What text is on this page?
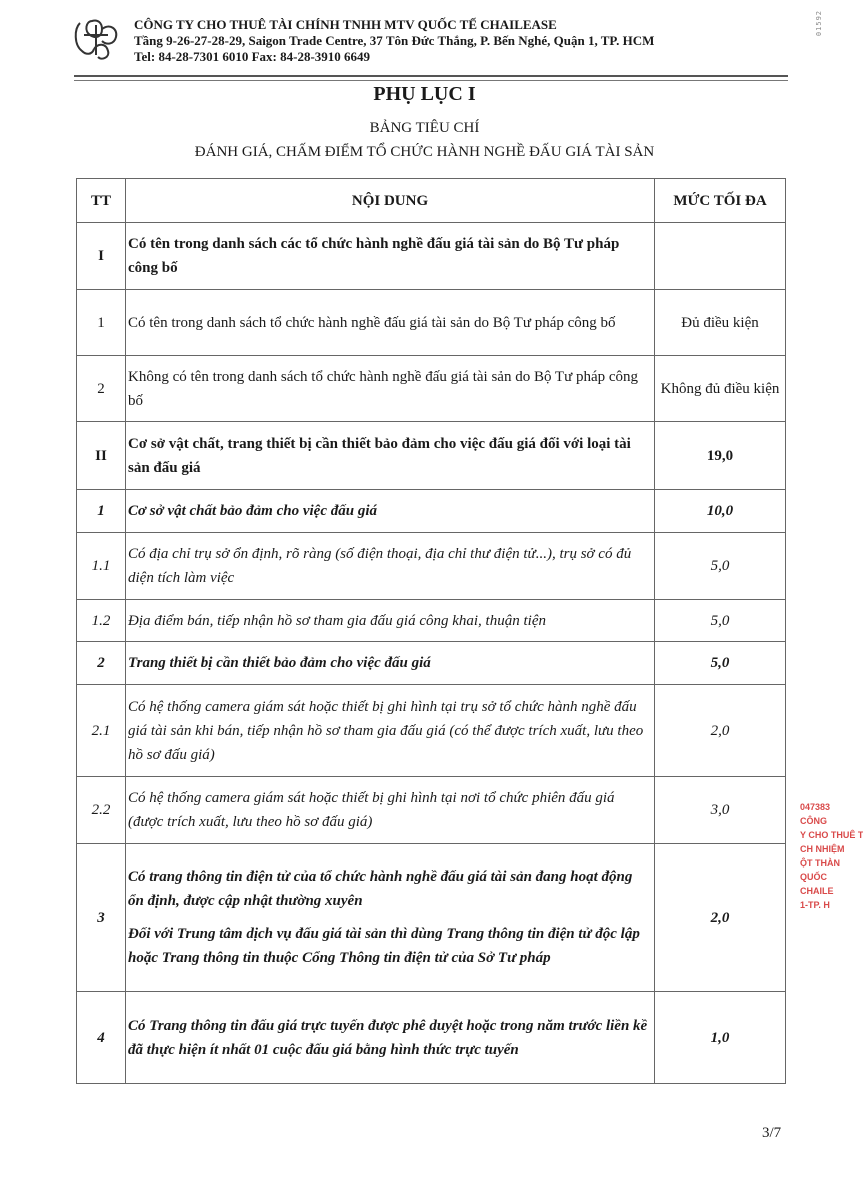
CÔNG TY CHO THUÊ TÀI CHÍNH TNHH MTV QUỐC TẾ CHAILEASE
Tầng 9-26-27-28-29, Saigon Trade Centre, 37 Tôn Đức Thắng, P. Bến Nghé, Quận 1, TP. HCM
Tel: 84-28-7301 6010 Fax: 84-28-3910 6649
01592
PHỤ LỤC I
BẢNG TIÊU CHÍ
ĐÁNH GIÁ, CHẤM ĐIỂM TỔ CHỨC HÀNH NGHỀ ĐẤU GIÁ TÀI SẢN
TT	NỘI DUNG	MỨC TỐI ĐA
I	Có tên trong danh sách các tổ chức hành nghề đấu giá tài sản do Bộ Tư pháp công bố	
1	Có tên trong danh sách tổ chức hành nghề đấu giá tài sản do Bộ Tư pháp công bố	Đủ điều kiện
2	Không có tên trong danh sách tổ chức hành nghề đấu giá tài sản do Bộ Tư pháp công bố	Không đủ điều kiện
II	Cơ sở vật chất, trang thiết bị cần thiết bảo đảm cho việc đấu giá đối với loại tài sản đấu giá	19,0
1	Cơ sở vật chất bảo đảm cho việc đấu giá	10,0
1.1	Có địa chỉ trụ sở ổn định, rõ ràng (số điện thoại, địa chỉ thư điện tử...), trụ sở có đủ diện tích làm việc	5,0
1.2	Địa điểm bán, tiếp nhận hồ sơ tham gia đấu giá công khai, thuận tiện	5,0
2	Trang thiết bị cần thiết bảo đảm cho việc đấu giá	5,0
2.1	Có hệ thống camera giám sát hoặc thiết bị ghi hình tại trụ sở tổ chức hành nghề đấu giá tài sản khi bán, tiếp nhận hồ sơ tham gia đấu giá (có thể được trích xuất, lưu theo hồ sơ đấu giá)	2,0
2.2	Có hệ thống camera giám sát hoặc thiết bị ghi hình tại nơi tổ chức phiên đấu giá (được trích xuất, lưu theo hồ sơ đấu giá)	3,0
3	Có trang thông tin điện tử của tổ chức hành nghề đấu giá tài sản đang hoạt động ổn định, được cập nhật thường xuyên
Đối với Trung tâm dịch vụ đấu giá tài sản thì dùng Trang thông tin điện tử độc lập hoặc Trang thông tin thuộc Cổng Thông tin điện tử của Sở Tư pháp	2,0
4	Có Trang thông tin đấu giá trực tuyến được phê duyệt hoặc trong năm trước liền kề đã thực hiện ít nhất 01 cuộc đấu giá bằng hình thức trực tuyến	1,0
047383
CÔNG
Y CHO THUÊ T
CH NHIỆM
ỘT THÀN
QUỐC
CHAILE
1-TP. H
3/7
